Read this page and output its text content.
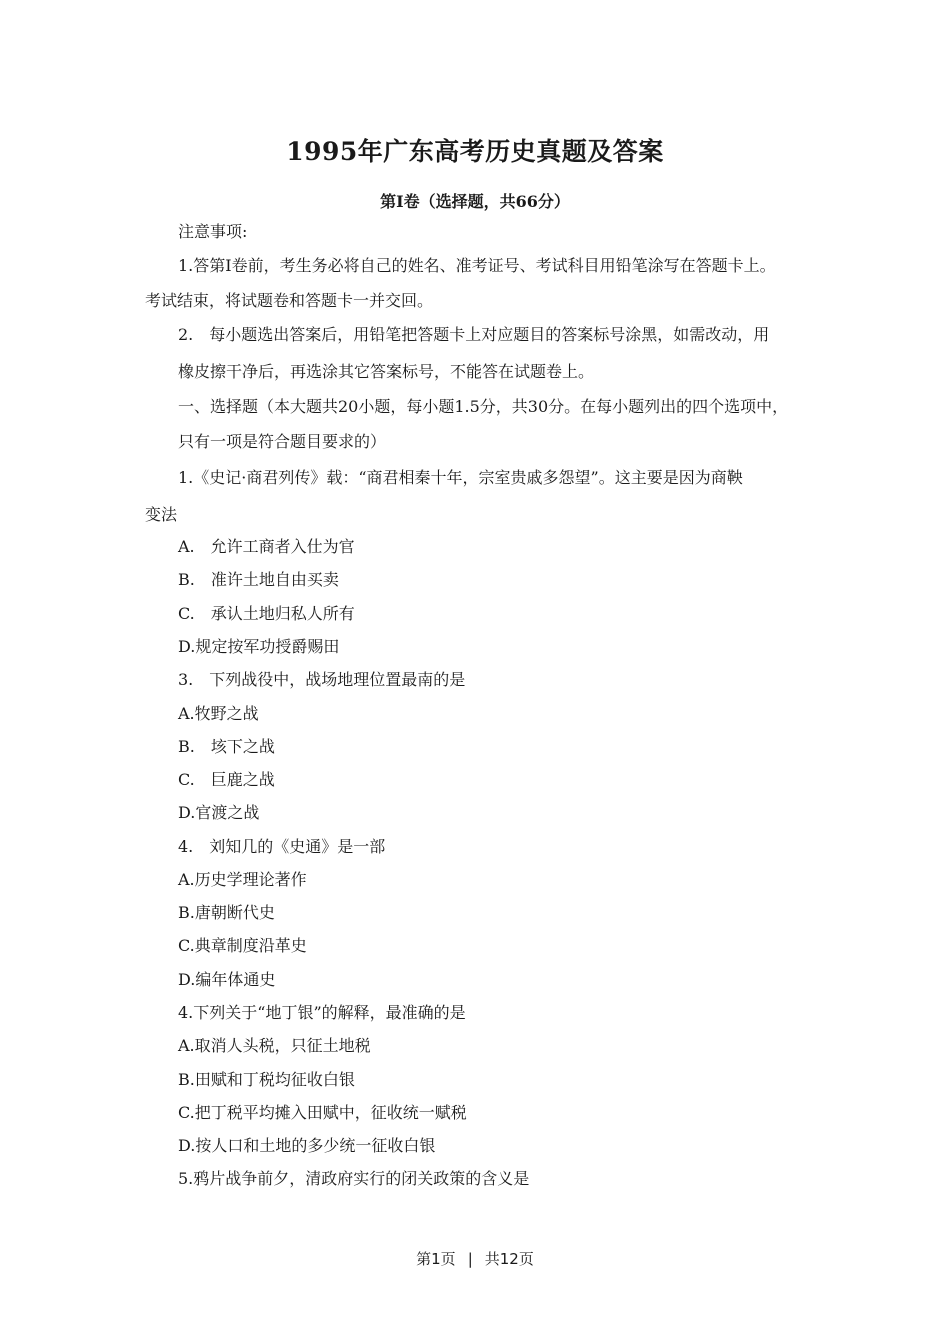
1995年广东高考历史真题及答案
第Ⅰ卷（选择题，共66分）
注意事项:
1.答第Ⅰ卷前，考生务必将自己的姓名、准考证号、考试科目用铅笔涂写在答题卡上。
考试结束，将试题卷和答题卡一并交回。
2.　每小题选出答案后，用铅笔把答题卡上对应题目的答案标号涂黑，如需改动，用
橡皮擦干净后，再选涂其它答案标号，不能答在试题卷上。
一、选择题（本大题共20小题，每小题1.5分，共30分。在每小题列出的四个选项中，
只有一项是符合题目要求的）
1.《史记·商君列传》载：“商君相秦十年，宗室贵戚多怨望”。这主要是因为商鞅
变法
A.　允许工商者入仕为官
B.　准许土地自由买卖
C.　承认土地归私人所有
D.规定按军功授爵赐田
3.　下列战役中，战场地理位置最南的是
A.牧野之战
B.　垓下之战
C.　巨鹿之战
D.官渡之战
4.　刘知几的《史通》是一部
A.历史学理论著作
B.唐朝断代史
C.典章制度沿革史
D.编年体通史
4.下列关于“地丁银”的解释，最准确的是
A.取消人头税，只征土地税
B.田赋和丁税均征收白银
C.把丁税平均摊入田赋中，征收统一赋税
D.按人口和土地的多少统一征收白银
5.鸦片战争前夕，清政府实行的闭关政策的含义是
第1页 | 共12页
